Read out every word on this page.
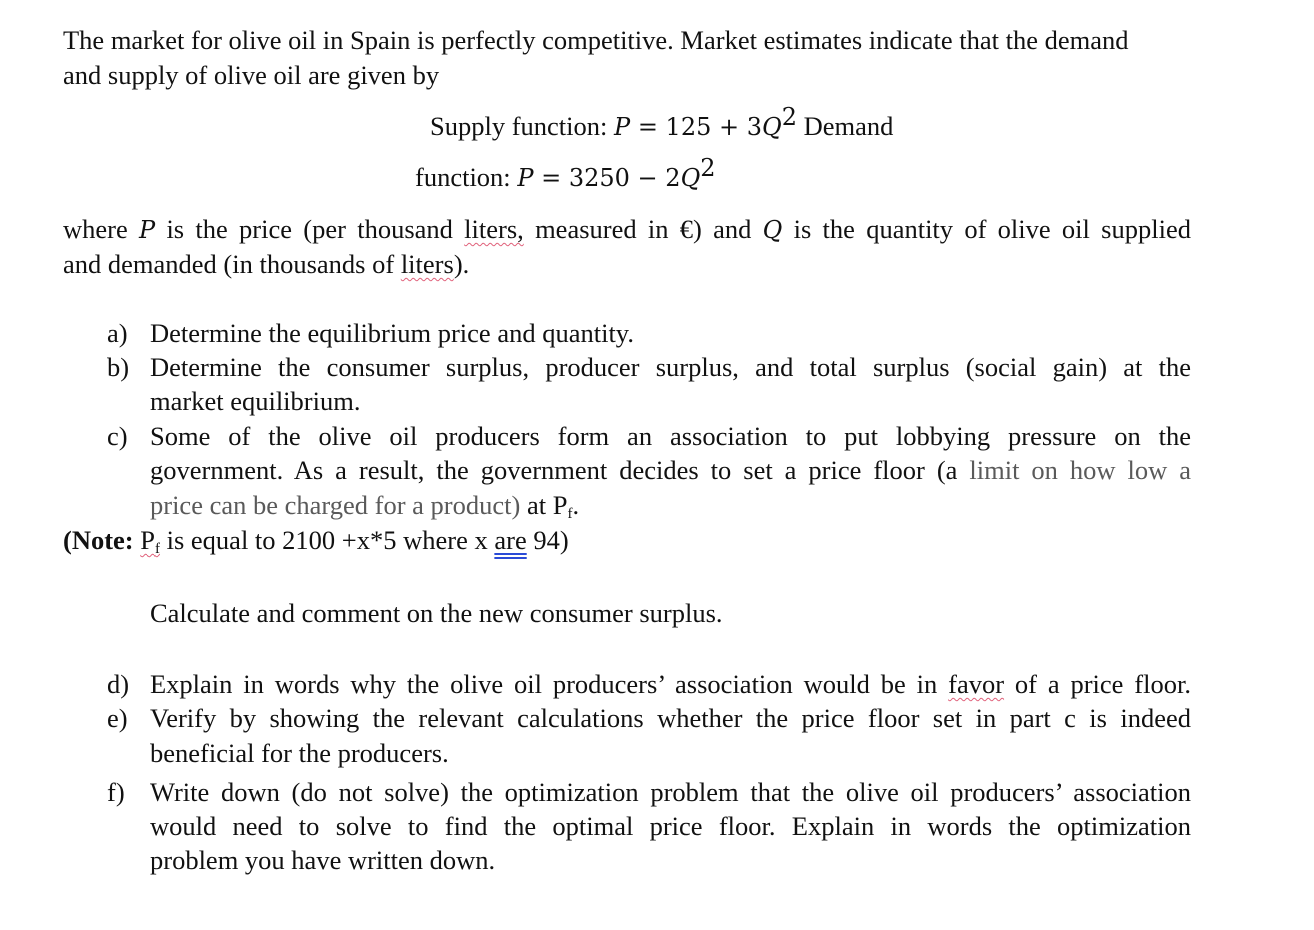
The market for olive oil in Spain is perfectly competitive. Market estimates indicate that the demand
and supply of olive oil are given by
Supply function: $P = 125 + 3Q^2$ Demand
function: $P = 3250 - 2Q^2$
where P is the price (per thousand liters, measured in €) and Q is the quantity of olive oil supplied
and demanded (in thousands of liters).
a) Determine the equilibrium price and quantity.
b) Determine the consumer surplus, producer surplus, and total surplus (social gain) at the
market equilibrium.
c) Some of the olive oil producers form an association to put lobbying pressure on the
government. As a result, the government decides to set a price floor (a limit on how low a
price can be charged for a product) at $P_f$.
(Note: $P_f$ is equal to 2100 +x*5 where x are 94)
Calculate and comment on the new consumer surplus.
d) Explain in words why the olive oil producers’ association would be in favor of a price floor.
e) Verify by showing the relevant calculations whether the price floor set in part c is indeed
beneficial for the producers.
f) Write down (do not solve) the optimization problem that the olive oil producers’ association
would need to solve to find the optimal price floor. Explain in words the optimization
problem you have written down.
